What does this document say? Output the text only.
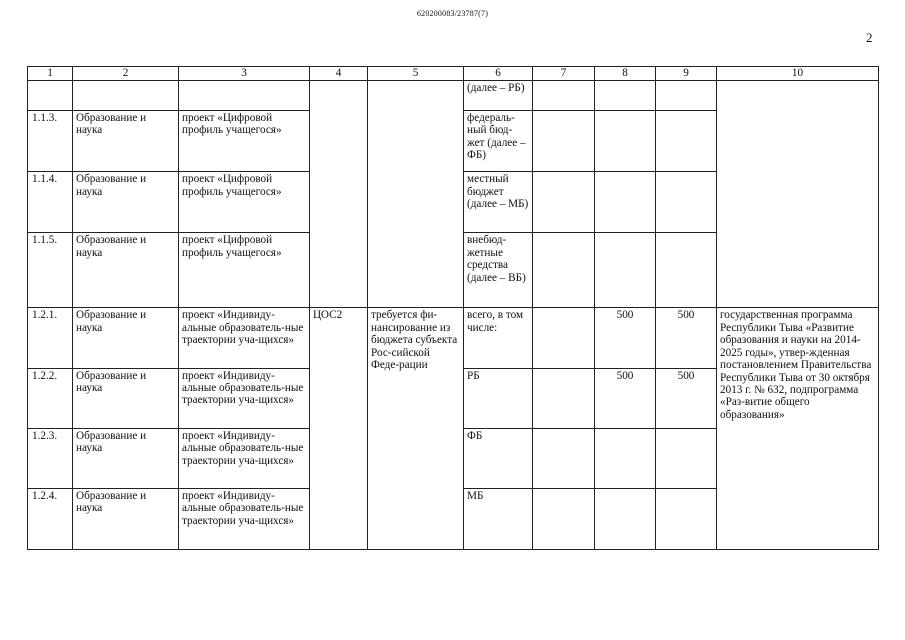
620200083/23787(7)
2
1	2	3	4	5	6	7	8	9	10
					(далее – РБ)				
1.1.3.	Образование и наука	проект «Цифровой профиль учащегося»			федераль-ный бюд-жет (далее – ФБ)				
1.1.4.	Образование и наука	проект «Цифровой профиль учащегося»			местный бюджет (далее – МБ)				
1.1.5.	Образование и наука	проект «Цифровой профиль учащегося»			внебюд-жетные средства (далее – ВБ)				
1.2.1.	Образование и наука	проект «Индивиду-альные образователь-ные траектории уча-щихся»	ЦОС2	требуется фи-нансирование из бюджета субъекта Рос-сийской Феде-рации	всего, в том числе:		500	500	государственная программа Республики Тыва «Развитие образования и науки на 2014-2025 годы», утвер-жденная постановлением Правительства Республики Тыва от 30 октября 2013 г. № 632, подпрограмма «Раз-витие общего образования»
1.2.2.	Образование и наука	проект «Индивиду-альные образователь-ные траектории уча-щихся»			РБ		500	500	
1.2.3.	Образование и наука	проект «Индивиду-альные образователь-ные траектории уча-щихся»			ФБ				
1.2.4.	Образование и наука	проект «Индивиду-альные образователь-ные траектории уча-щихся»			МБ				
